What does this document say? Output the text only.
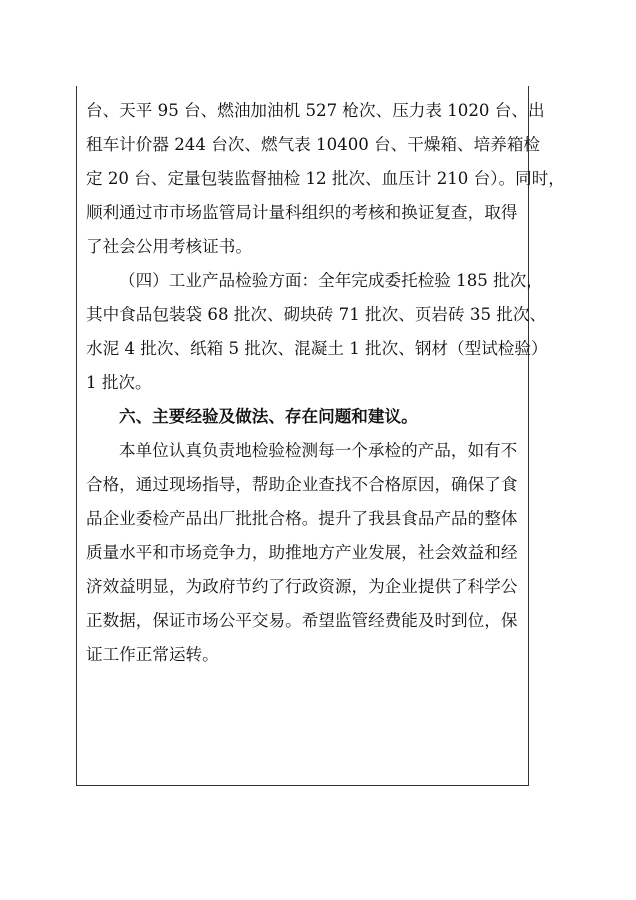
台、天平 95 台、燃油加油机 527 枪次、压力表 1020 台、出
租车计价器 244 台次、燃气表 10400 台、干燥箱、培养箱检
定 20 台、定量包装监督抽检 12 批次、血压计 210 台）。同时，
顺利通过市市场监管局计量科组织的考核和换证复查，取得
了社会公用考核证书。
（四）工业产品检验方面：全年完成委托检验 185 批次，
其中食品包装袋 68 批次、砌块砖 71 批次、页岩砖 35 批次、
水泥 4 批次、纸箱 5 批次、混凝土 1 批次、钢材（型试检验）
1 批次。
六、主要经验及做法、存在问题和建议。
本单位认真负责地检验检测每一个承检的产品，如有不
合格，通过现场指导，帮助企业查找不合格原因，确保了食
品企业委检产品出厂批批合格。提升了我县食品产品的整体
质量水平和市场竞争力，助推地方产业发展，社会效益和经
济效益明显，为政府节约了行政资源，为企业提供了科学公
正数据，保证市场公平交易。希望监管经费能及时到位，保
证工作正常运转。
